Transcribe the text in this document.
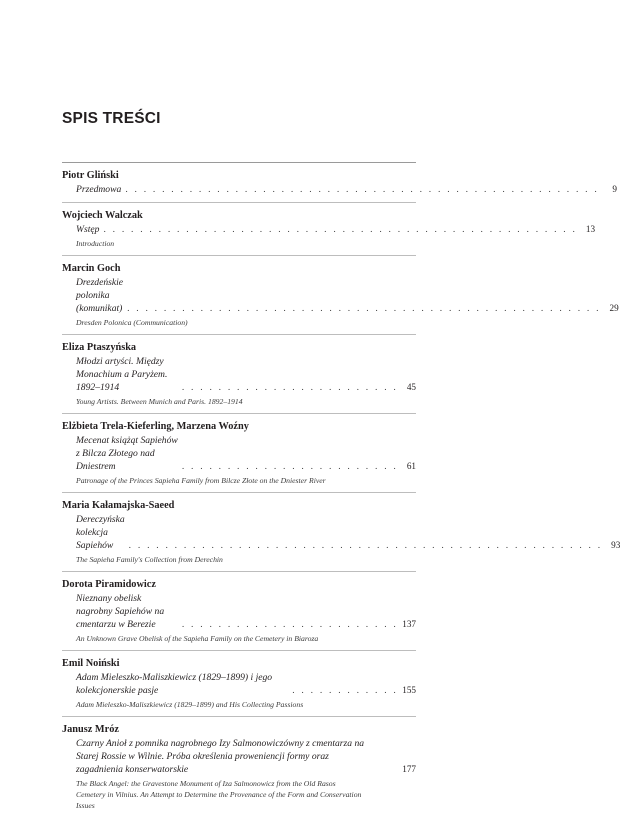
SPIS TREŚCI
Piotr Gliński
Przedmowa . . . . . . . . . . . . . . . . . . . . . . . . . . . . . . . . . . . . . . . . . . . . . . . . . . . .	9
Wojciech Walczak
Wstęp . . . . . . . . . . . . . . . . . . . . . . . . . . . . . . . . . . . . . . . . . . . . . . . . . . . . 13
Introduction
Marcin Goch
Drezdeńskie polonika (komunikat) . . . . . . . . . . . . . . . . . . . . . . . . . . . . . . . . . . . . . . . . . . . . . . . . . . . . 29
Dresden Polonica (Communication)
Eliza Ptaszyńska
Młodzi artyści. Między Monachium a Paryżem. 1892–1914	. . . . . . . . . . . . . . . . . . . . . . . . 45
Young Artists. Between Munich and Paris. 1892–1914
Elżbieta Trela-Kieferling, Marzena Woźny
Mecenat książąt Sapiehów z Bilcza Złotego nad Dniestrem	. . . . . . . . . . . . . . . . . . . . . . . . 61
Patronage of the Princes Sapieha Family from Bilcze Złote on the Dniester River
Maria Kałamajska-Saeed
Dereczyńska kolekcja Sapiehów	. . . . . . . . . . . . . . . . . . . . . . . . . . . . . . . . . . . . . . . . . . . . . . . . . . . . 93
The Sapieha Family's Collection from Derechin
Dorota Piramidowicz
Nieznany obelisk nagrobny Sapiehów na cmentarzu w Berezie	. . . . . . . . . . . . . . . . . . . . . . . . 137
An Unknown Grave Obelisk of the Sapieha Family on the Cemetery in Biaroza
Emil Noiński
Adam Mieleszko-Maliszkiewicz (1829–1899) i jego kolekcjonerskie pasje	. . . . . . . . . . . . 155
Adam Mieleszko-Maliszkiewicz (1829–1899) and His Collecting Passions
Janusz Mróz
Czarny Anioł z pomnika nagrobnego Izy Salmonowiczówny z cmentarza na Starej Rossie w Wilnie. Próba określenia proweniencji formy oraz zagadnienia konserwatorskie	177
The Black Angel: the Gravestone Monument of Iza Salmonowicz from the Old Rasos Cemetery in Vilnius. An Attempt to Determine the Provenance of the Form and Conservation Issues
